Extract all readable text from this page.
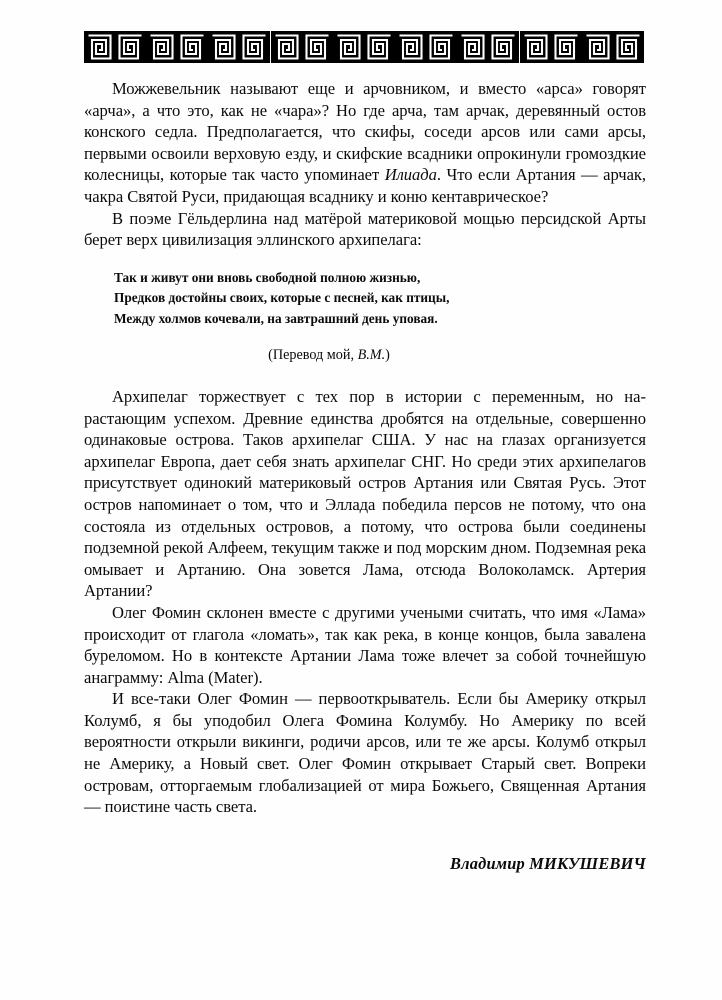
Можжевельник называют еще и арчовником, и вместо «арса» говорят «арча», а что это, как не «чара»? Но где арча, там арчак, деревянный остов конского седла. Предполагается, что скифы, соседи арсов или сами арсы, первыми освоили верховую езду, и скифские всадники опрокинули громоздкие колесницы, которые так часто упоминает Илиада. Что если Артания — арчак, чакра Святой Руси, придающая всаднику и коню кентаврическое?

В поэме Гёльдерлина над матёрой материковой мощью персидской Арты берет верх цивилизация эллинского архипелага:

Так и живут они вновь свободной полною жизнью,
Предков достойны своих, которые с песней, как птицы,
Между холмов кочевали, на завтрашний день уповая.

(Перевод мой, В.М.)

Архипелаг торжествует с тех пор в истории с переменным, но нарастающим успехом. Древние единства дробятся на отдельные, совершенно одинаковые острова. Таков архипелаг США. У нас на глазах организуется архипелаг Европа, дает себя знать архипелаг СНГ. Но среди этих архипелагов присутствует одинокий материковый остров Артания или Святая Русь. Этот остров напоминает о том, что и Эллада победила персов не потому, что она состояла из отдельных островов, а потому, что острова были соединены подземной рекой Алфеем, текущим также и под морским дном. Подземная река омывает и Артанию. Она зовется Лама, отсюда Волоколамск. Артерия Артании?

Олег Фомин склонен вместе с другими учеными считать, что имя «Лама» происходит от глагола «ломать», так как река, в конце концов, была завалена буреломом. Но в контексте Артании Лама тоже влечет за собой точнейшую анаграмму: Alma (Mater).

И все-таки Олег Фомин — первооткрыватель. Если бы Америку открыл Колумб, я бы уподобил Олега Фомина Колумбу. Но Америку по всей вероятности открыли викинги, родичи арсов, или те же арсы. Колумб открыл не Америку, а Новый свет. Олег Фомин открывает Старый свет. Вопреки островам, отторгаемым глобализацией от мира Божьего, Священная Артания — поистине часть света.

Владимир МИКУШЕВИЧ
